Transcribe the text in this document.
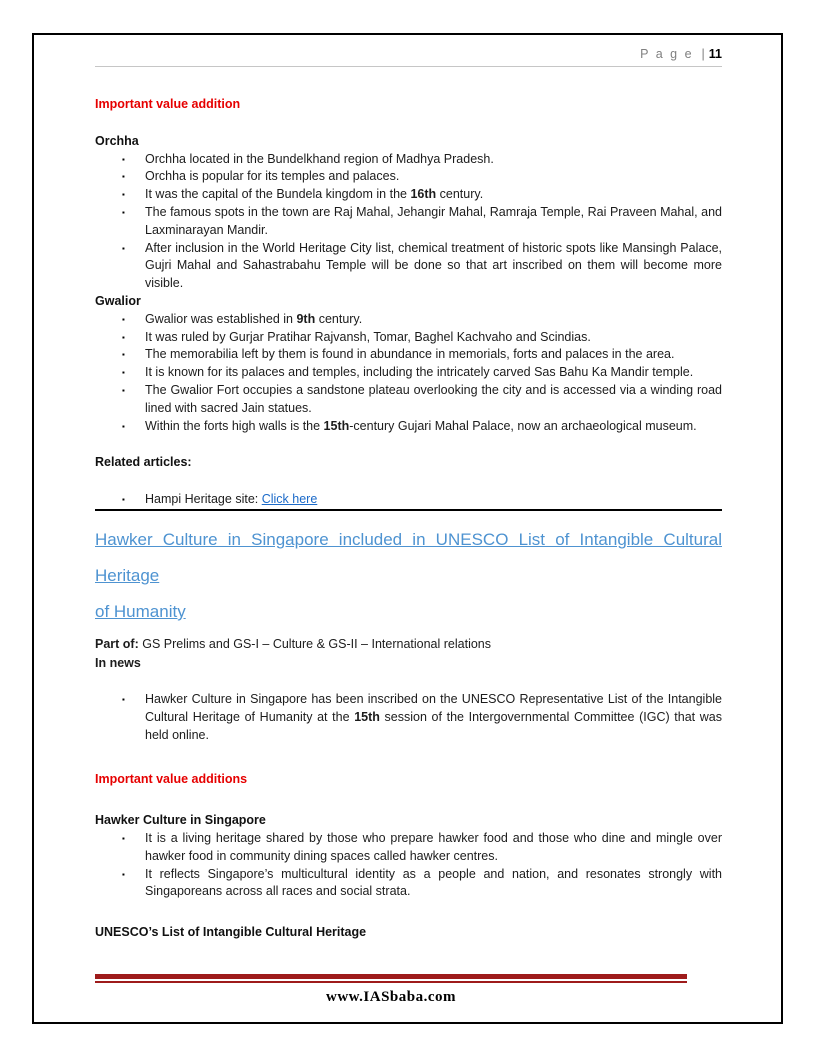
P a g e | 11
Important value addition
Orchha
▪ Orchha located in the Bundelkhand region of Madhya Pradesh.
▪ Orchha is popular for its temples and palaces.
▪ It was the capital of the Bundela kingdom in the 16th century.
▪ The famous spots in the town are Raj Mahal, Jehangir Mahal, Ramraja Temple, Rai Praveen Mahal, and Laxminarayan Mandir.
▪ After inclusion in the World Heritage City list, chemical treatment of historic spots like Mansingh Palace, Gujri Mahal and Sahastrabahu Temple will be done so that art inscribed on them will become more visible.
Gwalior
▪ Gwalior was established in 9th century.
▪ It was ruled by Gurjar Pratihar Rajvansh, Tomar, Baghel Kachvaho and Scindias.
▪ The memorabilia left by them is found in abundance in memorials, forts and palaces in the area.
▪ It is known for its palaces and temples, including the intricately carved Sas Bahu Ka Mandir temple.
▪ The Gwalior Fort occupies a sandstone plateau overlooking the city and is accessed via a winding road lined with sacred Jain statues.
▪ Within the forts high walls is the 15th-century Gujari Mahal Palace, now an archaeological museum.
Related articles:
▪ Hampi Heritage site: Click here
Hawker Culture in Singapore included in UNESCO List of Intangible Cultural Heritage
of Humanity
Part of: GS Prelims and GS-I – Culture & GS-II – International relations
In news
▪ Hawker Culture in Singapore has been inscribed on the UNESCO Representative List of the Intangible Cultural Heritage of Humanity at the 15th session of the Intergovernmental Committee (IGC) that was held online.
Important value additions
Hawker Culture in Singapore
▪ It is a living heritage shared by those who prepare hawker food and those who dine and mingle over hawker food in community dining spaces called hawker centres.
▪ It reflects Singapore’s multicultural identity as a people and nation, and resonates strongly with Singaporeans across all races and social strata.
UNESCO’s List of Intangible Cultural Heritage
www.IASbaba.com
